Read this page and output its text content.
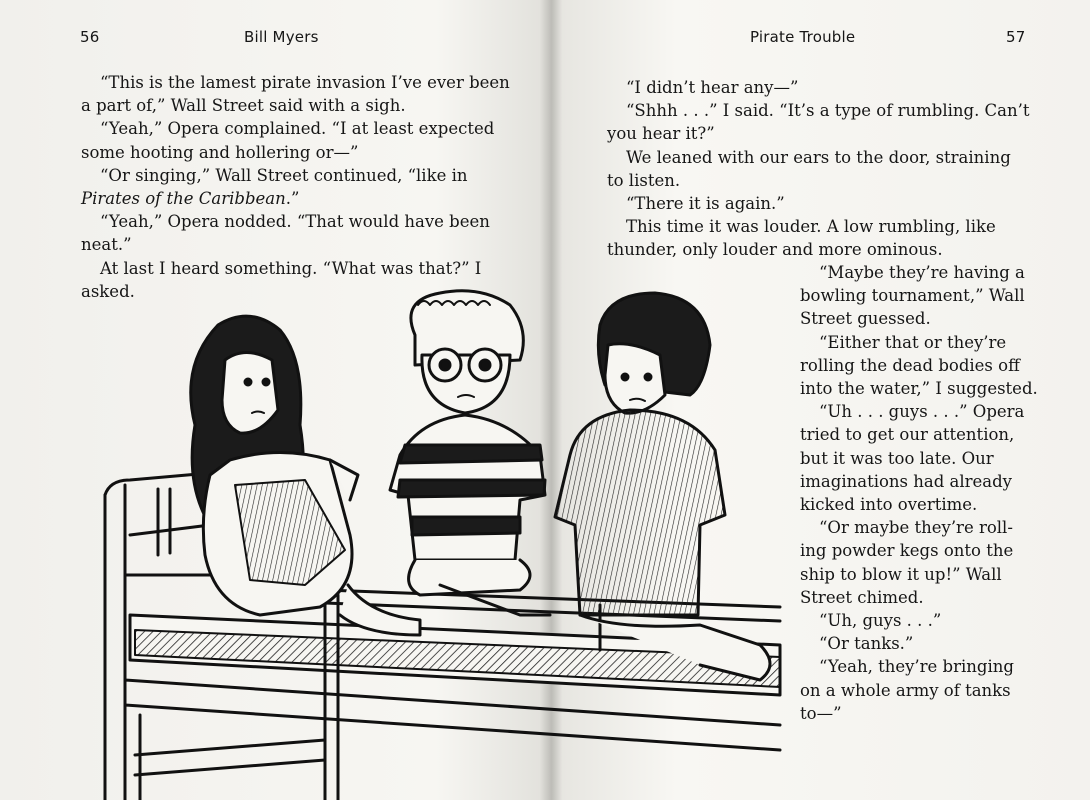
56	Bill Myers
“This is the lamest pirate invasion I’ve ever been
a part of,” Wall Street said with a sigh.
“Yeah,” Opera complained. “I at least expected
some hooting and hollering or—”
“Or singing,” Wall Street continued, “like in
Pirates of the Caribbean.”
“Yeah,” Opera nodded. “That would have been
neat.”
At last I heard something. “What was that?” I
asked.
Pirate Trouble	57
“I didn’t hear any—”
“Shhh . . .” I said. “It’s a type of rumbling. Can’t
you hear it?”
We leaned with our ears to the door, straining
to listen.
“There it is again.”
This time it was louder. A low rumbling, like
thunder, only louder and more ominous.
“Maybe they’re having a
bowling tournament,” Wall
Street guessed.
“Either that or they’re
rolling the dead bodies off
into the water,” I suggested.
“Uh . . . guys . . .” Opera
tried to get our attention,
but it was too late. Our
imaginations had already
kicked into overtime.
“Or maybe they’re roll-
ing powder kegs onto the
ship to blow it up!” Wall
Street chimed.
“Uh, guys . . .”
“Or tanks.”
“Yeah, they’re bringing
on a whole army of tanks
to—”
